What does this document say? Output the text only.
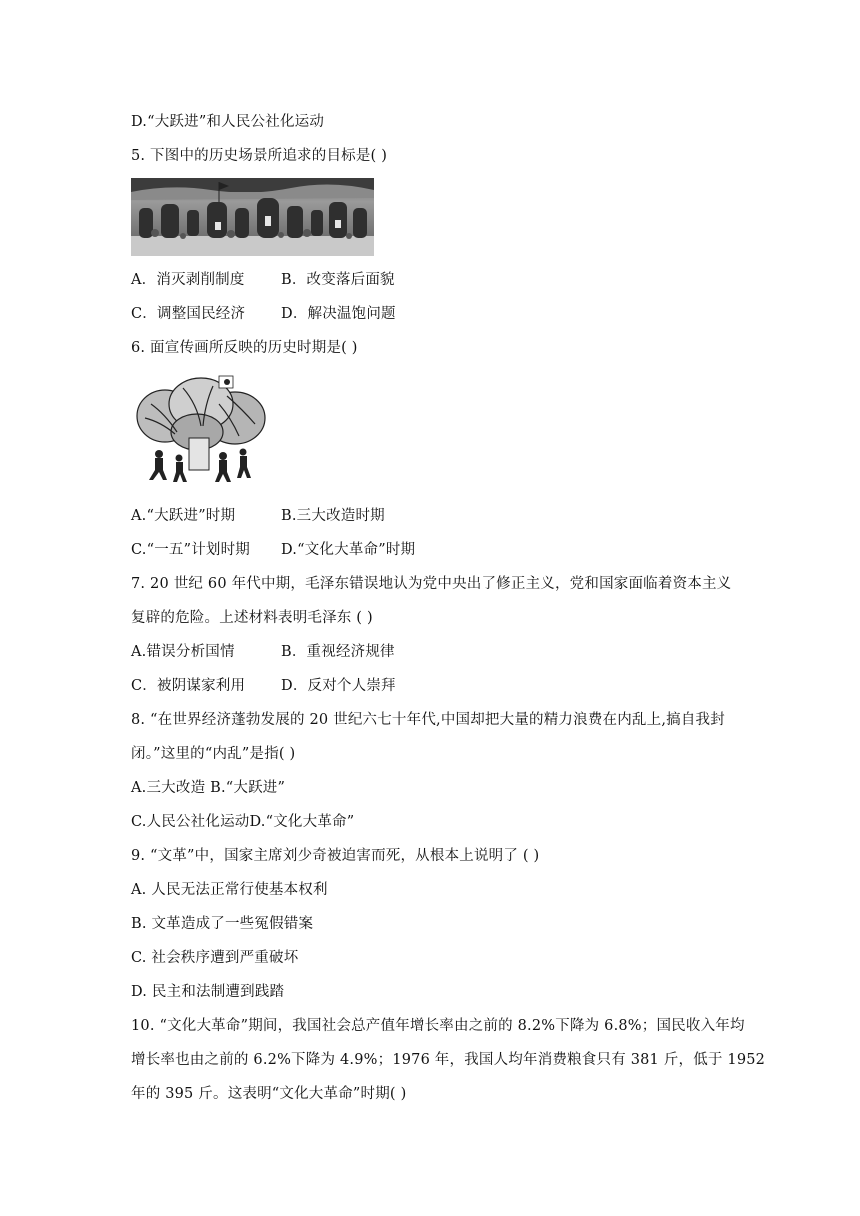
D.“大跃进”和人民公社化运动
5. 下图中的历史场景所追求的目标是( )
A．消灭剥削制度	B．改变落后面貌
C．调整国民经济 D．解决温饱问题
6. 面宣传画所反映的历史时期是( )
A.“大跃进”时期	B.三大改造时期
C.“一五”计划时期 D.“文化大革命”时期
7. 20 世纪 60 年代中期，毛泽东错误地认为党中央出了修正主义，党和国家面临着资本主义
复辟的危险。上述材料表明毛泽东 ( )
A.错误分析国情	B．重视经济规律
C．被阴谋家利用 D．反对个人崇拜
8. “在世界经济蓬勃发展的 20 世纪六七十年代,中国却把大量的精力浪费在内乱上,搞自我封
闭。”这里的“内乱”是指( )
A.三大改造 B.“大跃进”
C.人民公社化运动D.“文化大革命”
9. “文革”中，国家主席刘少奇被迫害而死，从根本上说明了 ( )
A. 人民无法正常行使基本权利
B. 文革造成了一些冤假错案
C. 社会秩序遭到严重破坏
D. 民主和法制遭到践踏
10. “文化大革命”期间，我国社会总产值年增长率由之前的 8.2%下降为 6.8%；国民收入年均
增长率也由之前的 6.2%下降为 4.9%；1976 年，我国人均年消费粮食只有 381 斤，低于 1952
年的 395 斤。这表明“文化大革命”时期( )
